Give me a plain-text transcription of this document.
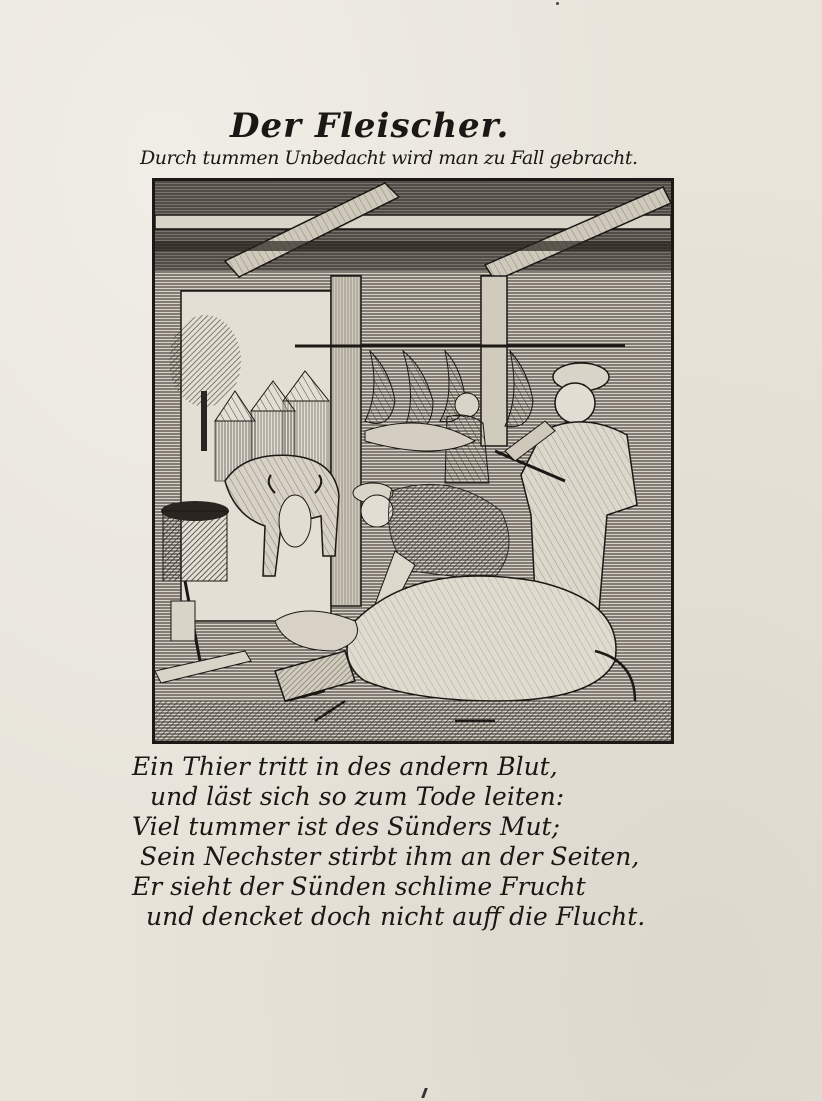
Der Fleischer.
Durch tummen Unbedacht wird man zu Fall gebracht.
Ein Thier tritt in des andern Blut,
und läst sich so zum Tode leiten:
Viel tummer ist des Sünders Mut;
Sein Nechster stirbt ihm an der Seiten,
Er sieht der Sünden schlime Frucht
und dencket doch nicht auff die Flucht.
